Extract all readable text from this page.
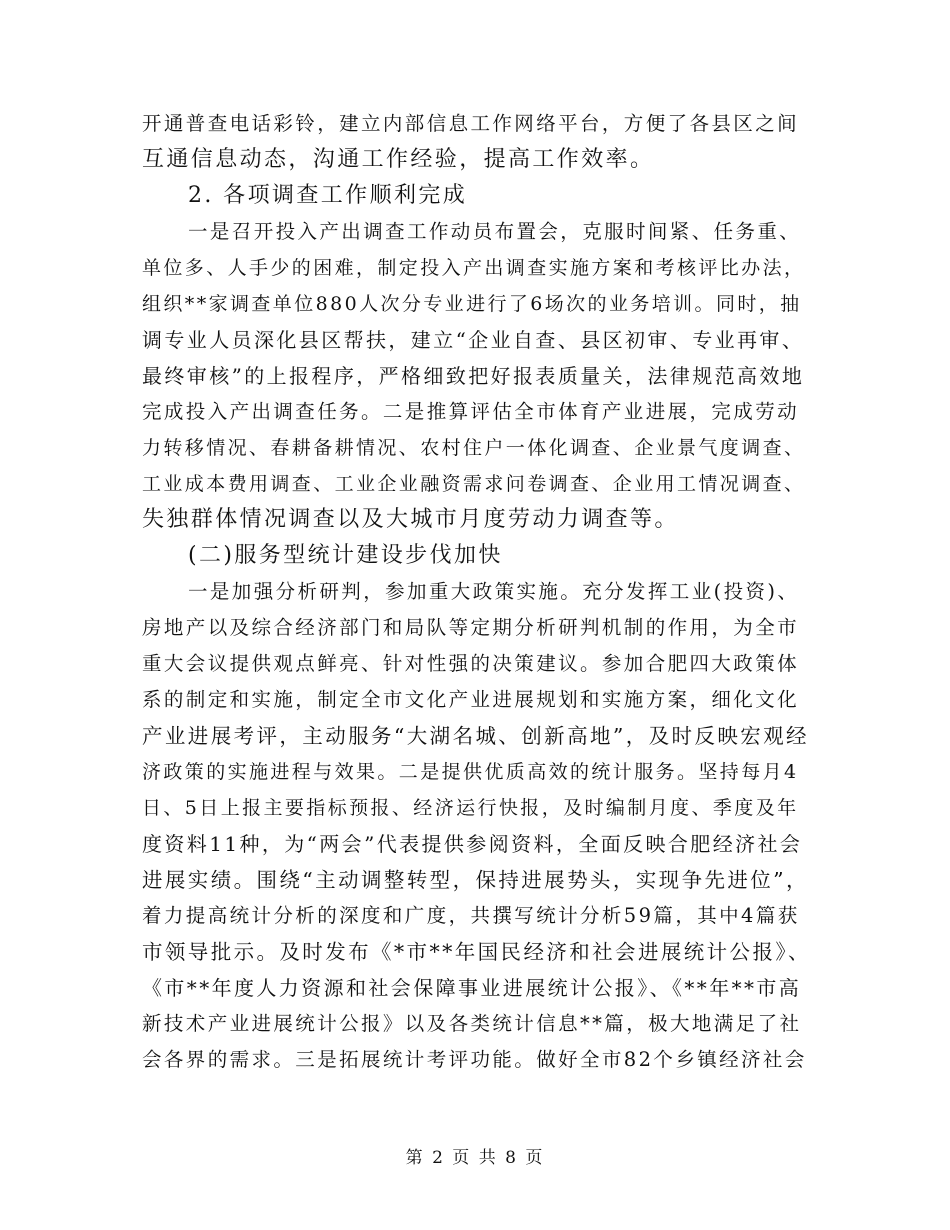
开通普查电话彩铃，建立内部信息工作网络平台，方便了各县区之间
互通信息动态，沟通工作经验，提高工作效率。
2. 各项调查工作顺利完成
一是召开投入产出调查工作动员布置会，克服时间紧、任务重、
单位多、人手少的困难，制定投入产出调查实施方案和考核评比办法，
组织**家调查单位880人次分专业进行了6场次的业务培训。同时，抽
调专业人员深化县区帮扶，建立“企业自查、县区初审、专业再审、
最终审核”的上报程序，严格细致把好报表质量关，法律规范高效地
完成投入产出调查任务。二是推算评估全市体育产业进展，完成劳动
力转移情况、春耕备耕情况、农村住户一体化调查、企业景气度调查、
工业成本费用调查、工业企业融资需求问卷调查、企业用工情况调查、
失独群体情况调查以及大城市月度劳动力调查等。
(二)服务型统计建设步伐加快
一是加强分析研判，参加重大政策实施。充分发挥工业(投资)、
房地产以及综合经济部门和局队等定期分析研判机制的作用，为全市
重大会议提供观点鲜亮、针对性强的决策建议。参加合肥四大政策体
系的制定和实施，制定全市文化产业进展规划和实施方案，细化文化
产业进展考评，主动服务“大湖名城、创新高地”，及时反映宏观经
济政策的实施进程与效果。二是提供优质高效的统计服务。坚持每月4
日、5日上报主要指标预报、经济运行快报，及时编制月度、季度及年
度资料11种，为“两会”代表提供参阅资料，全面反映合肥经济社会
进展实绩。围绕“主动调整转型，保持进展势头，实现争先进位”，
着力提高统计分析的深度和广度，共撰写统计分析59篇，其中4篇获
市领导批示。及时发布《*市**年国民经济和社会进展统计公报》、
《市**年度人力资源和社会保障事业进展统计公报》、《**年**市高
新技术产业进展统计公报》以及各类统计信息**篇，极大地满足了社
会各界的需求。三是拓展统计考评功能。做好全市82个乡镇经济社会
第 2 页 共 8 页
